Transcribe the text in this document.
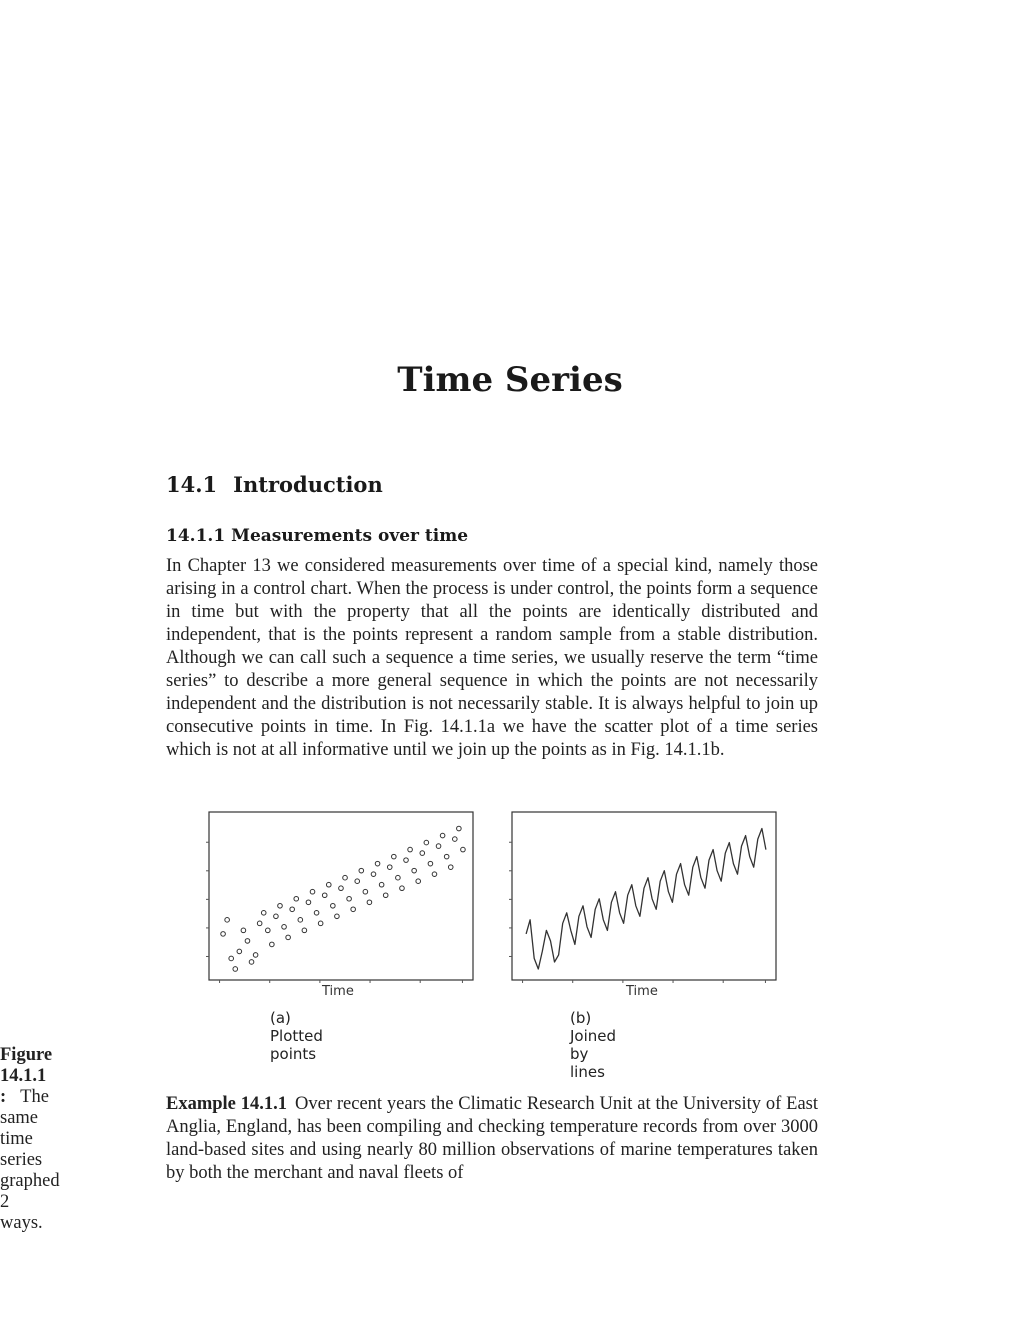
Time Series
14.1 Introduction
14.1.1 Measurements over time

In Chapter 13 we considered measurements over time of a special kind, namely those arising in a control chart. When the process is under control, the points form a sequence in time but with the property that all the points are identically distributed and independent, that is the points represent a random sample from a stable distribution. Although we can call such a sequence a time series, we usually reserve the term “time series” to describe a more general sequence in which the points are not necessarily independent and the distribution is not necessarily stable. It is always helpful to join up consecutive points in time. In Fig. 14.1.1a we have the scatter plot of a time series which is not at all informative until we join up the points as in Fig. 14.1.1b.

Time
(a) Plotted points
Time
(b) Joined by lines
Figure 14.1.1 : The same time series graphed 2 ways.

Example 14.1.1 Over recent years the Climatic Research Unit at the University of East Anglia, England, has been compiling and checking temperature records from over 3000 land-based sites and using nearly 80 million observations of marine temperatures taken by both the merchant and naval fleets of
